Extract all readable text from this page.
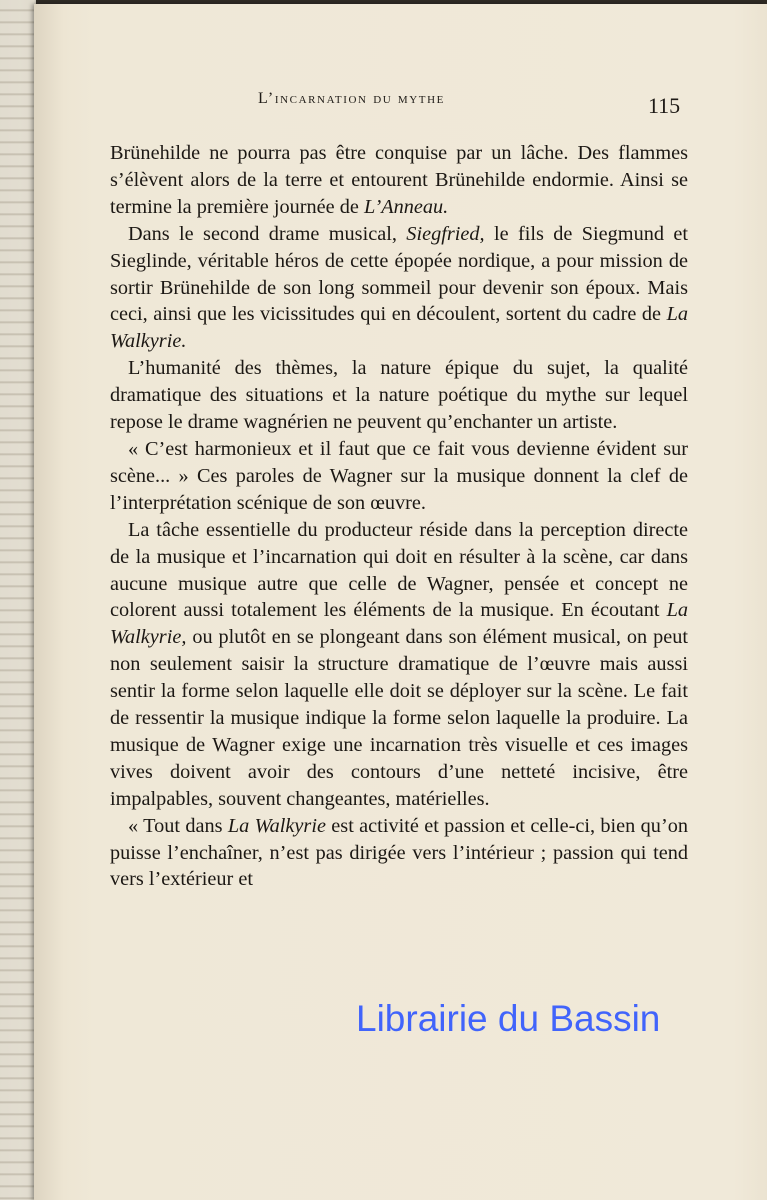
L’incarnation du mythe	115

Brünehilde ne pourra pas être conquise par un lâche. Des flammes s’élèvent alors de la terre et entourent Brünehilde endormie. Ainsi se termine la première journée de L’Anneau.

Dans le second drame musical, Siegfried, le fils de Siegmund et Sieglinde, véritable héros de cette épopée nordique, a pour mission de sortir Brünehilde de son long sommeil pour devenir son époux. Mais ceci, ainsi que les vicissitudes qui en découlent, sortent du cadre de La Walkyrie.

L’humanité des thèmes, la nature épique du sujet, la qualité dramatique des situations et la nature poétique du mythe sur lequel repose le drame wagnérien ne peuvent qu’enchanter un artiste.

« C’est harmonieux et il faut que ce fait vous devienne évident sur scène... » Ces paroles de Wagner sur la musique donnent la clef de l’interprétation scénique de son œuvre.

La tâche essentielle du producteur réside dans la perception directe de la musique et l’incarnation qui doit en résulter à la scène, car dans aucune musique autre que celle de Wagner, pensée et concept ne colorent aussi totalement les éléments de la musique. En écoutant La Walkyrie, ou plutôt en se plongeant dans son élément musical, on peut non seulement saisir la structure dramatique de l’œuvre mais aussi sentir la forme selon laquelle elle doit se déployer sur la scène. Le fait de ressentir la musique indique la forme selon laquelle la produire. La musique de Wagner exige une incarnation très visuelle et ces images vives doivent avoir des contours d’une netteté incisive, être impalpables, souvent changeantes, matérielles.

« Tout dans La Walkyrie est activité et passion et celle-ci, bien qu’on puisse l’enchaîner, n’est pas dirigée vers l’intérieur ; passion qui tend vers l’extérieur et

Librairie du Bassin
